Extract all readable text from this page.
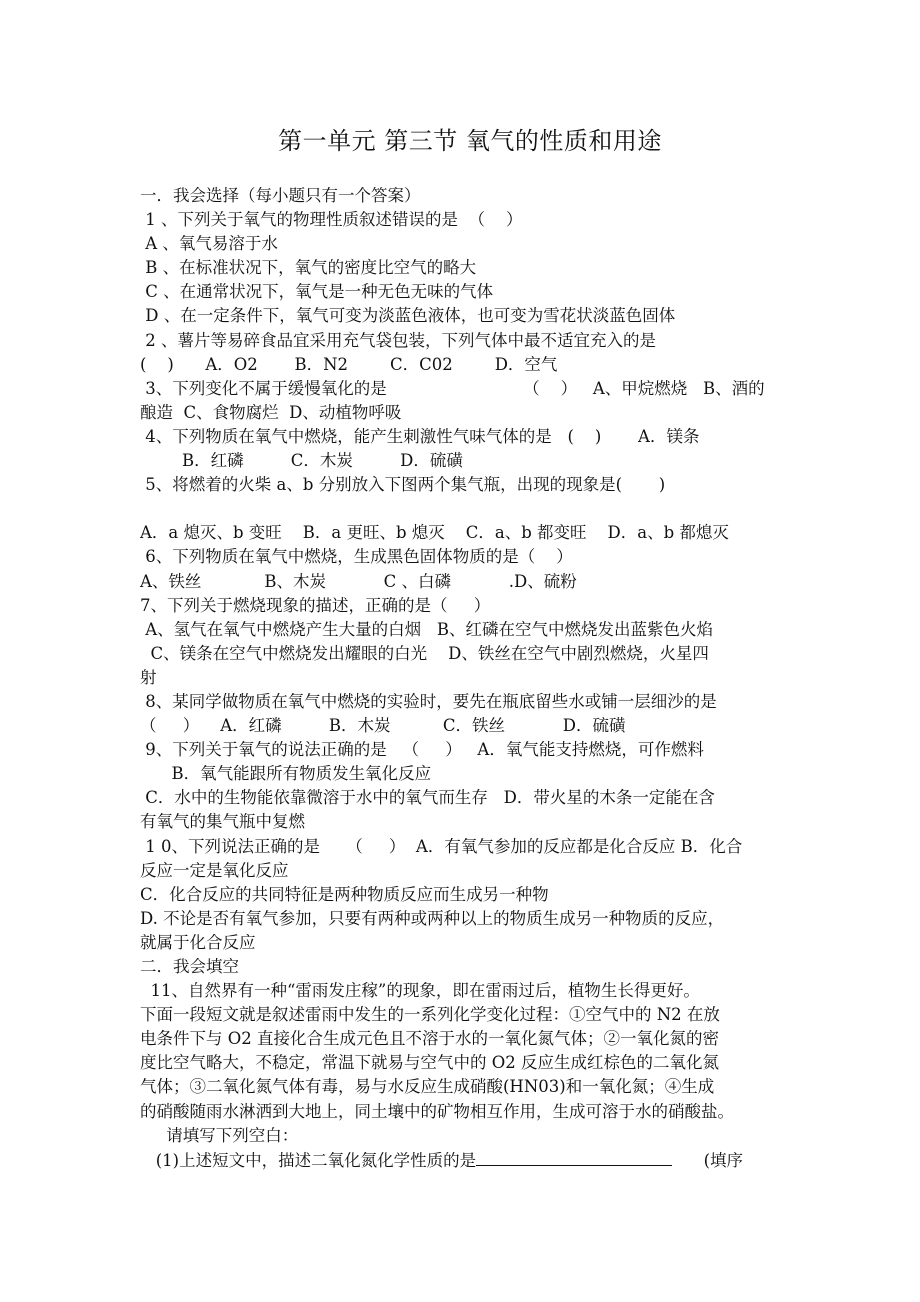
第一单元 第三节 氧气的性质和用途
一．我会选择（每小题只有一个答案）
1 、下列关于氧气的物理性质叙述错误的是  （    ）
A 、氧气易溶于水
B 、在标准状况下，氧气的密度比空气的略大
C 、在通常状况下，氧气是一种无色无味的气体
D 、在一定条件下，氧气可变为淡蓝色液体，也可变为雪花状淡蓝色固体
2 、薯片等易碎食品宜采用充气袋包装，下列气体中最不适宜充入的是
(    )      A．O2       B．N2        C．C02        D．空气
3、下列变化不属于缓慢氧化的是                          （    ）   A、甲烷燃烧   B、酒的
酿造  C、食物腐烂  D、动植物呼吸
4、下列物质在氧气中燃烧，能产生刺激性气味气体的是   (    )       A．镁条
B．红磷         C．木炭         D．硫磺
5、将燃着的火柴 a、b 分别放入下图两个集气瓶，出现的现象是(       )
A．a 熄灭、b 变旺    B．a 更旺、b 熄灭    C．a、b 都变旺    D．a、b 都熄灭
6、下列物质在氧气中燃烧，生成黑色固体物质的是（    ）
A、铁丝            B、木炭           C 、白磷           .D、硫粉
7、下列关于燃烧现象的描述，正确的是（     ）
A、氢气在氧气中燃烧产生大量的白烟   B、红磷在空气中燃烧发出蓝紫色火焰
C、镁条在空气中燃烧发出耀眼的白光    D、铁丝在空气中剧烈燃烧，火星四
射
8、某同学做物质在氧气中燃烧的实验时，要先在瓶底留些水或铺一层细沙的是
（     ）    A．红磷         B．木炭          C．铁丝           D．硫磺
9、下列关于氧气的说法正确的是   （     ）   A．氧气能支持燃烧，可作燃料
B．氧气能跟所有物质发生氧化反应
C．水中的生物能依靠微溶于水中的氧气而生存   D．带火星的木条一定能在含
有氧气的集气瓶中复燃
1 0、下列说法正确的是     （     ）  A．有氧气参加的反应都是化合反应 B．化合
反应一定是氧化反应
C．化合反应的共同特征是两种物质反应而生成另一种物
D. 不论是否有氧气参加，只要有两种或两种以上的物质生成另一种物质的反应，
就属于化合反应
二．我会填空
11、自然界有一种“雷雨发庄稼”的现象，即在雷雨过后，植物生长得更好。
下面一段短文就是叙述雷雨中发生的一系列化学变化过程：①空气中的 N2 在放
电条件下与 O2 直接化合生成元色且不溶于水的一氧化氮气体；②一氧化氮的密
度比空气略大，不稳定，常温下就易与空气中的 O2 反应生成红棕色的二氧化氮
气体；③二氧化氮气体有毒，易与水反应生成硝酸(HN03)和一氧化氮；④生成
的硝酸随雨水淋洒到大地上，同土壤中的矿物相互作用，生成可溶于水的硝酸盐。
请填写下列空白：
(1)上述短文中，描述二氧化氮化学性质的是	(填序
